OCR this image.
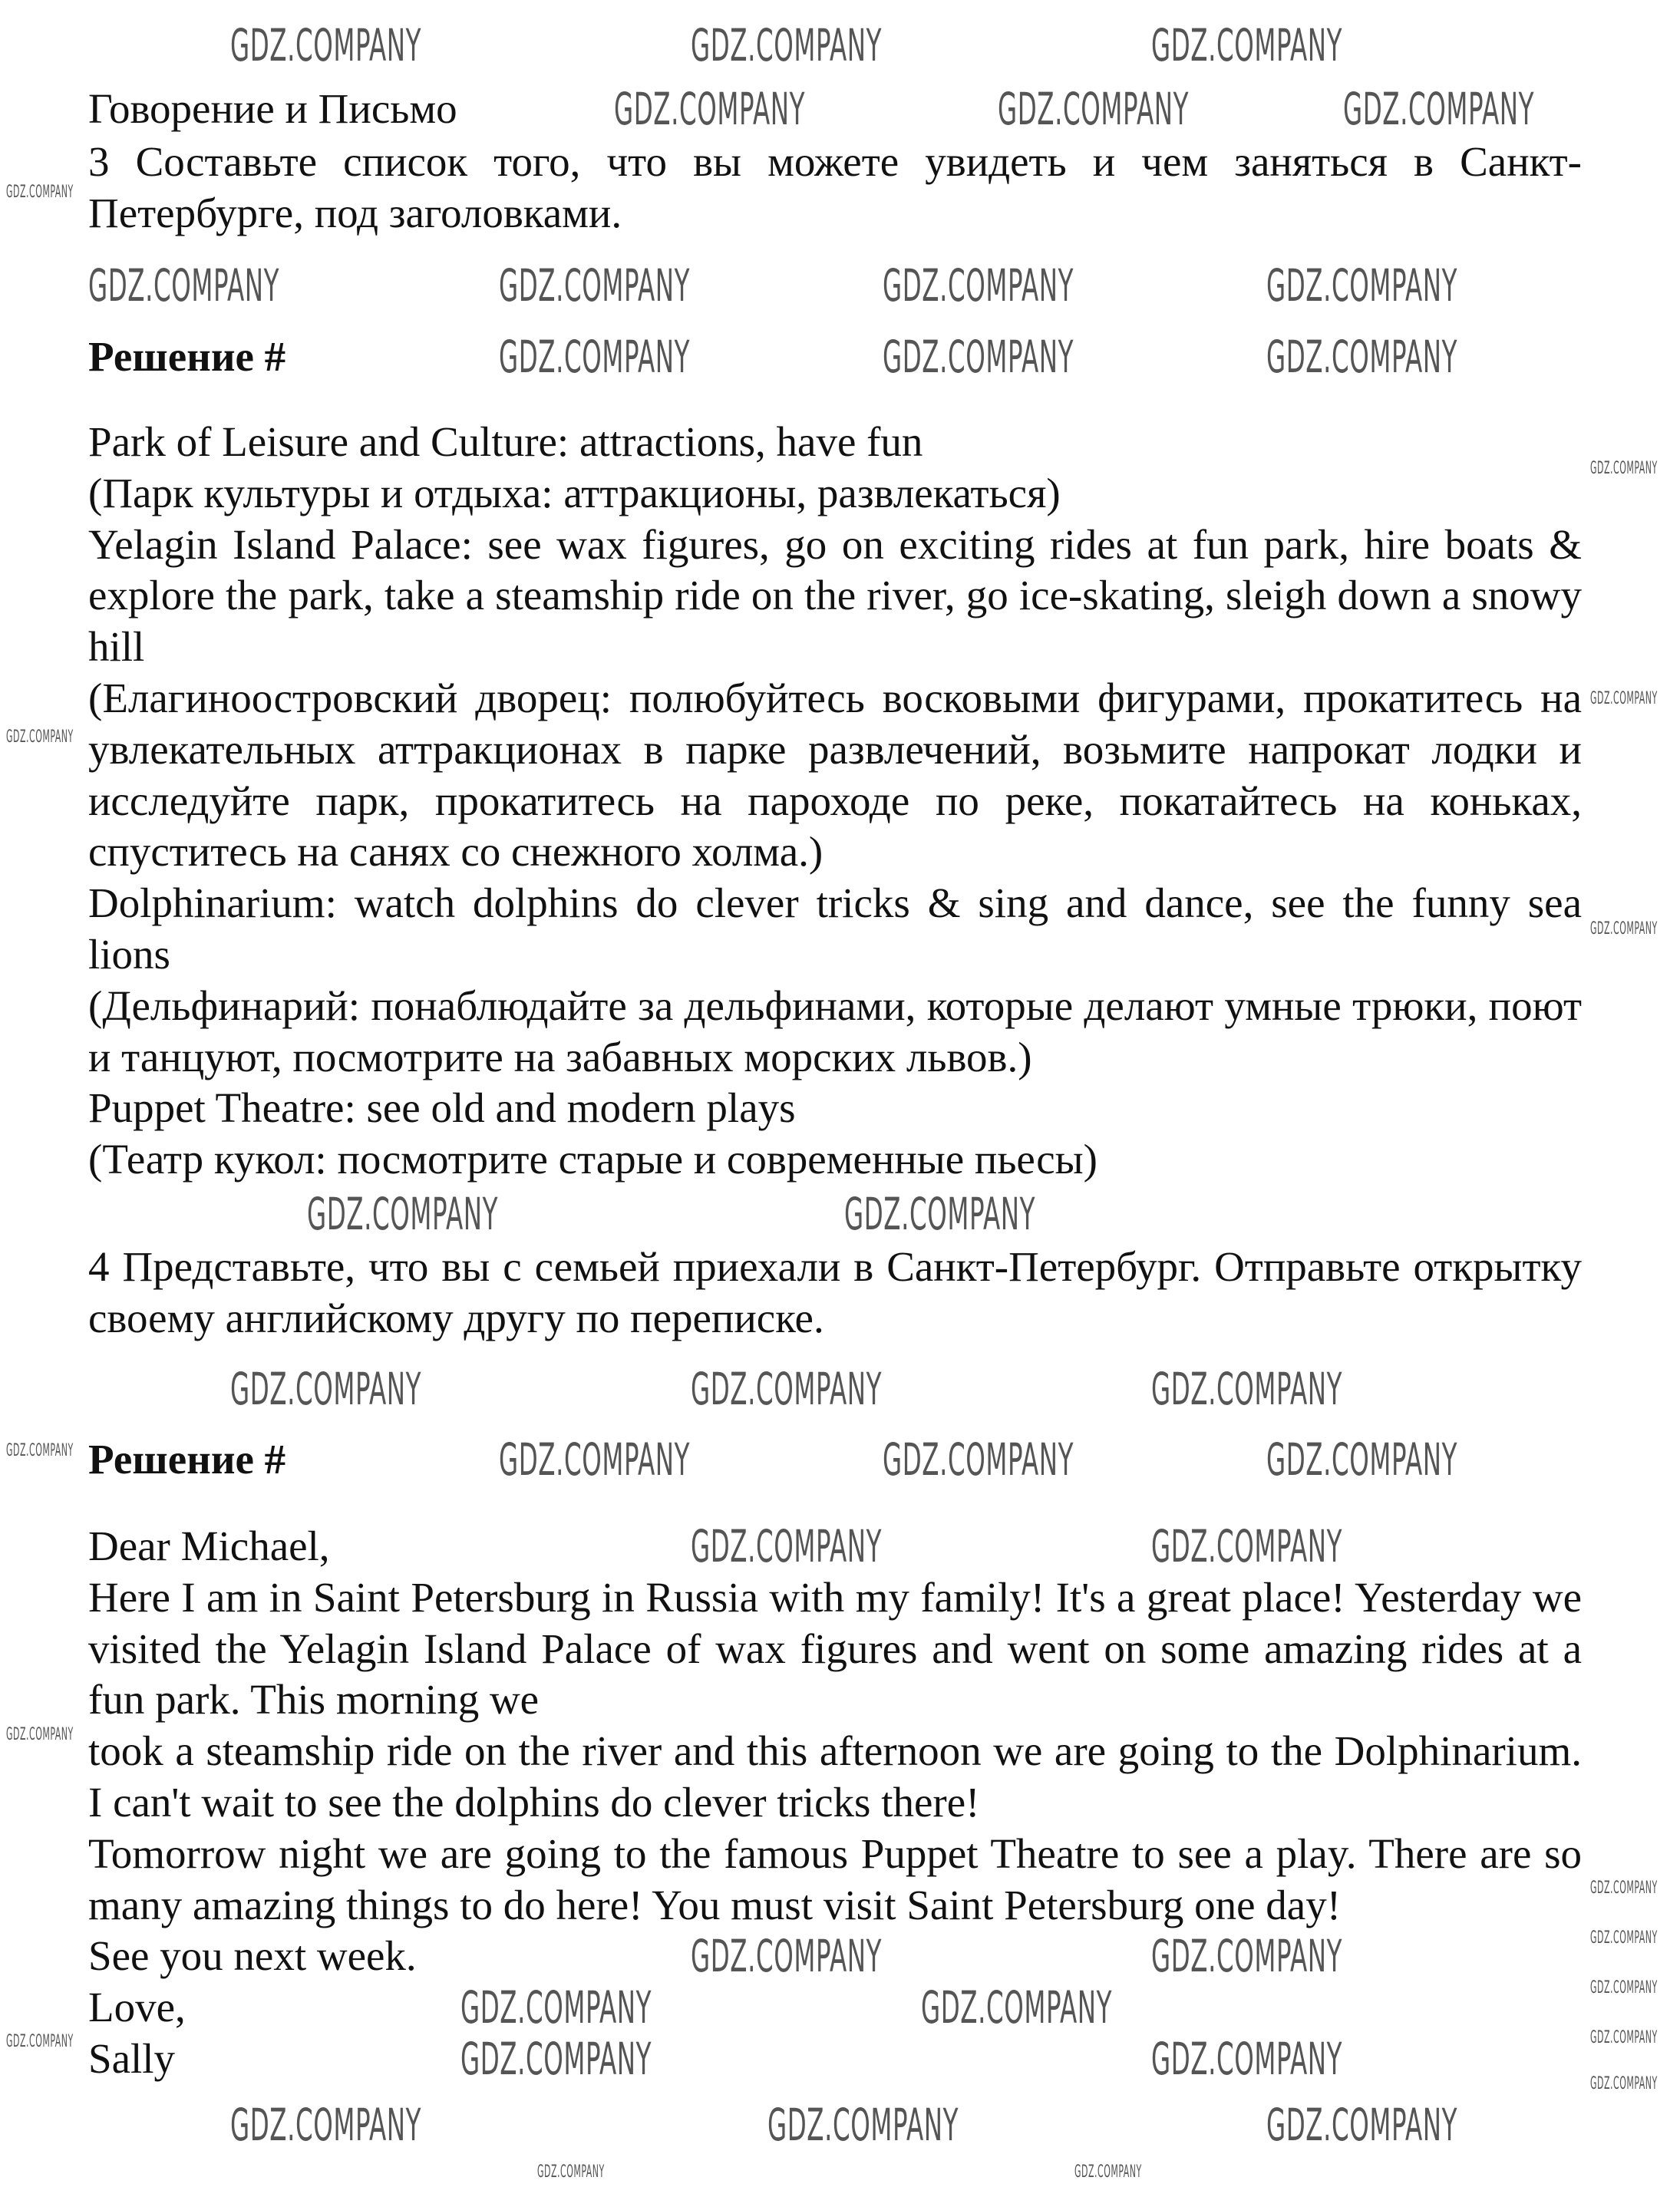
Говорение и Письмо

3 Составьте список того, что вы можете увидеть и чем заняться в Санкт-Петербурге, под заголовками.

Решение #

Park of Leisure and Culture: attractions, have fun

(Парк культуры и отдыха: аттракционы, развлекаться)

Yelagin Island Palace: see wax figures, go on exciting rides at fun park, hire boats & explore the park, take a steamship ride on the river, go ice-skating, sleigh down a snowy hill

(Елагиноостровский дворец: полюбуйтесь восковыми фигурами, прокатитесь на увлекательных аттракционах в парке развлечений, возьмите напрокат лодки и исследуйте парк, прокатитесь на пароходе по реке, покатайтесь на коньках, спуститесь на санях со снежного холма.)

Dolphinarium: watch dolphins do clever tricks & sing and dance, see the funny sea lions

(Дельфинарий: понаблюдайте за дельфинами, которые делают умные трюки, поют и танцуют, посмотрите на забавных морских львов.)

Puppet Theatre: see old and modern plays

(Театр кукол: посмотрите старые и современные пьесы)

4 Представьте, что вы с семьей приехали в Санкт-Петербург. Отправьте открытку своему английскому другу по переписке.

Решение #

Dear Michael,

Here I am in Saint Petersburg in Russia with my family! It's a great place! Yesterday we visited the Yelagin Island Palace of wax figures and went on some amazing rides at a fun park. This morning we

took a steamship ride on the river and this afternoon we are going to the Dolphinarium. I can't wait to see the dolphins do clever tricks there!

Tomorrow night we are going to the famous Puppet Theatre to see a play. There are so many amazing things to do here! You must visit Saint Petersburg one day!

See you next week.

Love,

Sally

GDZ.COMPANY	GDZ.COMPANY	GDZ.COMPANY
GDZ.COMPANY	GDZ.COMPANY	GDZ.COMPANY
GDZ.COMPANY	GDZ.COMPANY	GDZ.COMPANY	GDZ.COMPANY
GDZ.COMPANY	GDZ.COMPANY	GDZ.COMPANY
GDZ.COMPANY	GDZ.COMPANY
GDZ.COMPANY	GDZ.COMPANY	GDZ.COMPANY
GDZ.COMPANY	GDZ.COMPANY	GDZ.COMPANY
GDZ.COMPANY	GDZ.COMPANY
GDZ.COMPANY	GDZ.COMPANY
GDZ.COMPANY	GDZ.COMPANY
GDZ.COMPANY	GDZ.COMPANY
GDZ.COMPANY	GDZ.COMPANY	GDZ.COMPANY
GDZ.COMPANY
GDZ.COMPANY
GDZ.COMPANY
GDZ.COMPANY
GDZ.COMPANY
GDZ.COMPANY
GDZ.COMPANY
GDZ.COMPANY
GDZ.COMPANY
GDZ.COMPANY
GDZ.COMPANY
GDZ.COMPANY
GDZ.COMPANY
GDZ.COMPANY	GDZ.COMPANY
